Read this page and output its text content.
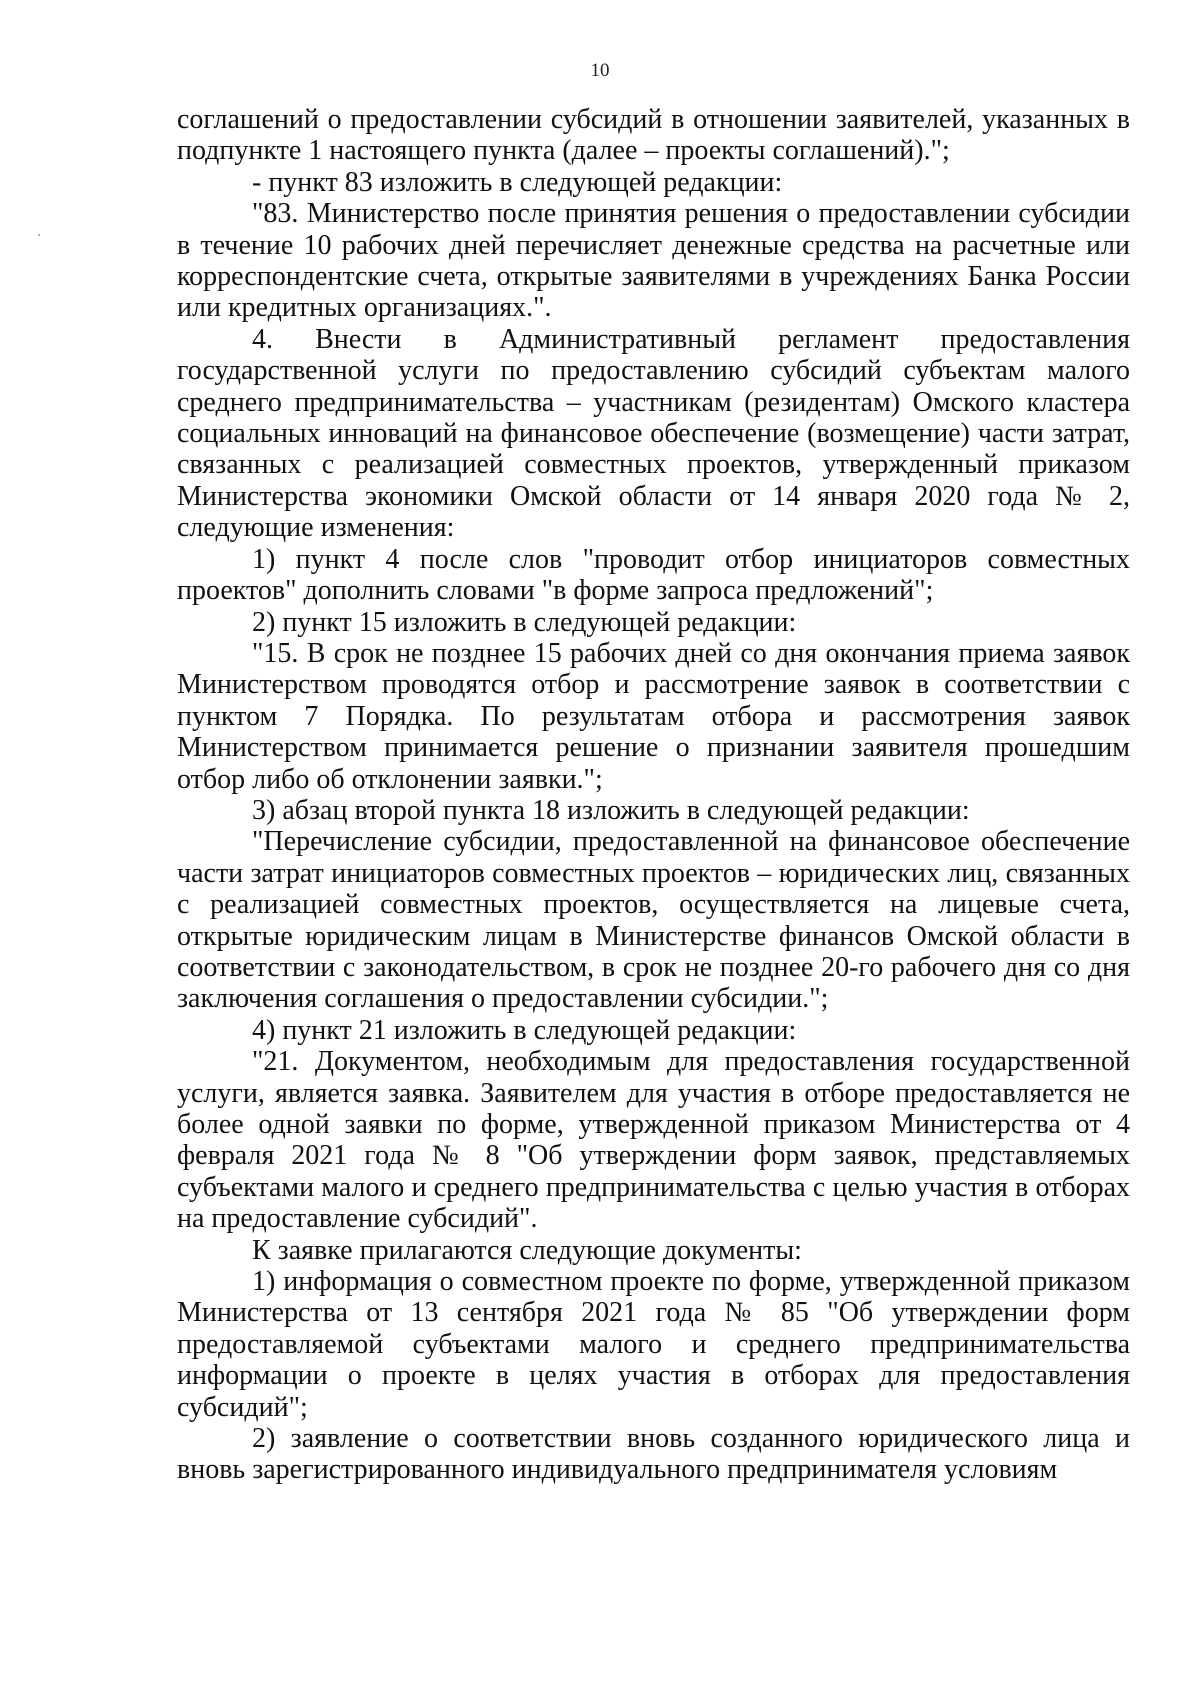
10

соглашений о предоставлении субсидий в отношении заявителей, указанных в подпункте 1 настоящего пункта (далее – проекты соглашений).";

- пункт 83 изложить в следующей редакции:

"83. Министерство после принятия решения о предоставлении субсидии в течение 10 рабочих дней перечисляет денежные средства на расчетные или корреспондентские счета, открытые заявителями в учреждениях Банка России или кредитных организациях.".

4. Внести в Административный регламент предоставления государственной услуги по предоставлению субсидий субъектам малого среднего предпринимательства – участникам (резидентам) Омского кластера социальных инноваций на финансовое обеспечение (возмещение) части затрат, связанных с реализацией совместных проектов, утвержденный приказом Министерства экономики Омской области от 14 января 2020 года № 2, следующие изменения:

1) пункт 4 после слов "проводит отбор инициаторов совместных проектов" дополнить словами "в форме запроса предложений";

2) пункт 15 изложить в следующей редакции:

"15. В срок не позднее 15 рабочих дней со дня окончания приема заявок Министерством проводятся отбор и рассмотрение заявок в соответствии с пунктом 7 Порядка. По результатам отбора и рассмотрения заявок Министерством принимается решение о признании заявителя прошедшим отбор либо об отклонении заявки.";

3) абзац второй пункта 18 изложить в следующей редакции:

"Перечисление субсидии, предоставленной на финансовое обеспечение части затрат инициаторов совместных проектов – юридических лиц, связанных с реализацией совместных проектов, осуществляется на лицевые счета, открытые юридическим лицам в Министерстве финансов Омской области в соответствии с законодательством, в срок не позднее 20-го рабочего дня со дня заключения соглашения о предоставлении субсидии.";

4) пункт 21 изложить в следующей редакции:

"21. Документом, необходимым для предоставления государственной услуги, является заявка. Заявителем для участия в отборе предоставляется не более одной заявки по форме, утвержденной приказом Министерства от 4 февраля 2021 года № 8 "Об утверждении форм заявок, представляемых субъектами малого и среднего предпринимательства с целью участия в отборах на предоставление субсидий".

К заявке прилагаются следующие документы:

1) информация о совместном проекте по форме, утвержденной приказом Министерства от 13 сентября 2021 года № 85 "Об утверждении форм предоставляемой субъектами малого и среднего предпринимательства информации о проекте в целях участия в отборах для предоставления субсидий";

2) заявление о соответствии вновь созданного юридического лица и вновь зарегистрированного индивидуального предпринимателя условиям
